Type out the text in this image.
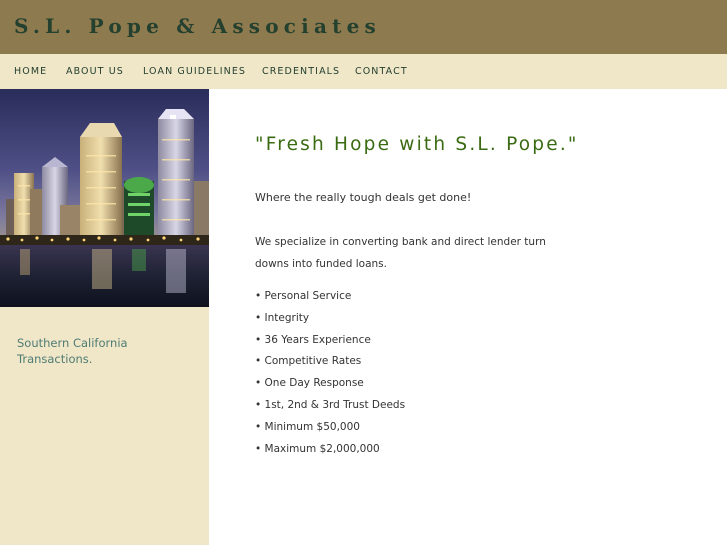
S.L. Pope & Associates
HOME ABOUT US LOAN GUIDELINES CREDENTIALS CONTACT
Southern California Transactions.
"Fresh Hope with S.L. Pope."
Where the really tough deals get done!
We specialize in converting bank and direct lender turn downs into funded loans.
• Personal Service
• Integrity
• 36 Years Experience
• Competitive Rates
• One Day Response
• 1st, 2nd & 3rd Trust Deeds
• Minimum $50,000
• Maximum $2,000,000
